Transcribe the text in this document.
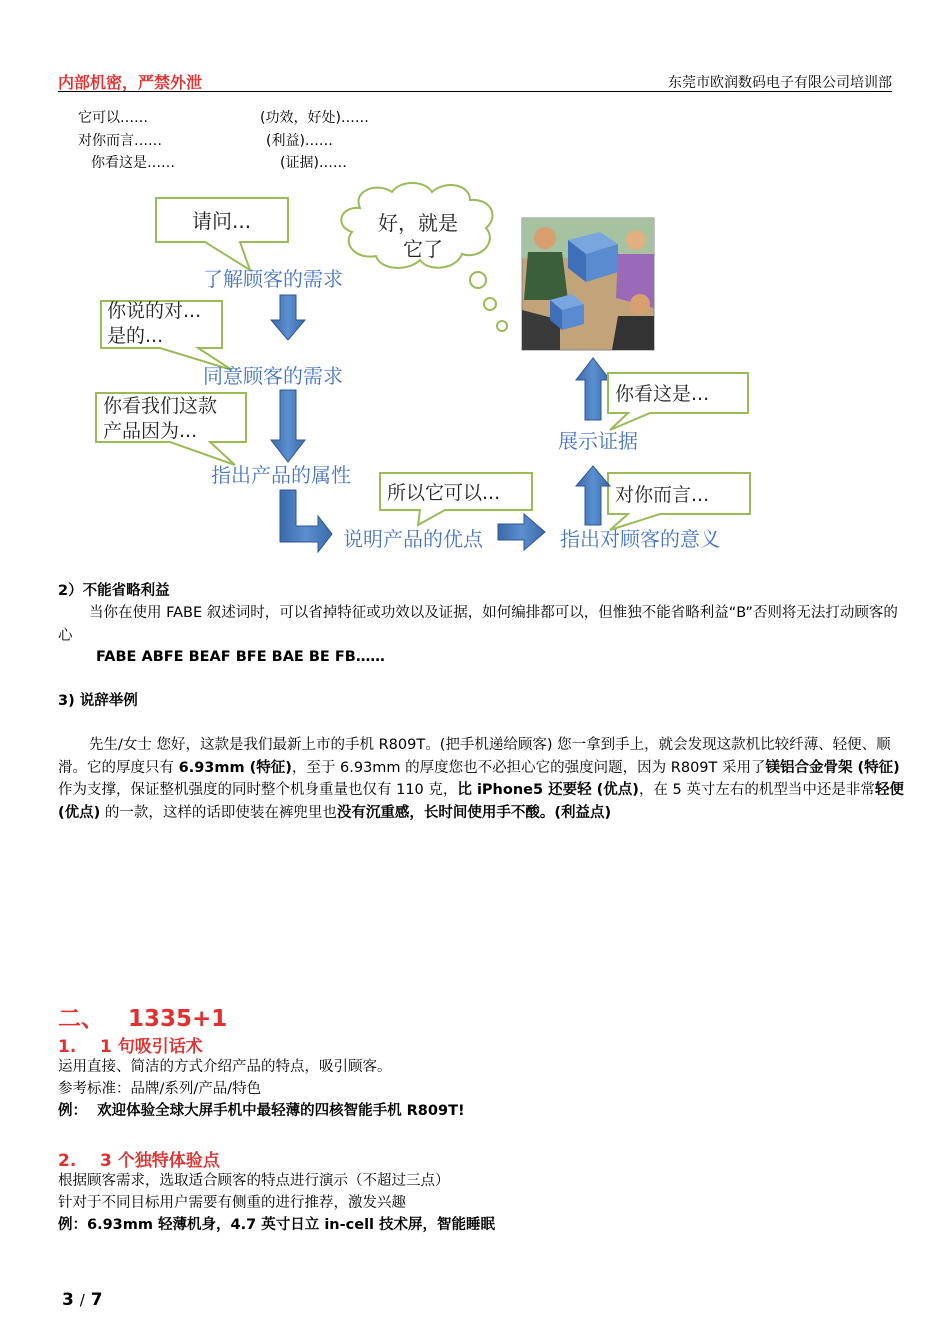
内部机密，严禁外泄	东莞市欧润数码电子有限公司培训部
它可以……	(功效，好处)……
对你而言……	(利益)……
你看这是……	(证据)……
请问...
了解顾客的需求
你说的对...
是的...
同意顾客的需求
你看我们这款
产品因为...
指出产品的属性
所以它可以...
说明产品的优点
对你而言...
指出对顾客的意义
展示证据
你看这是...
好，就是
它了
2）不能省略利益
当你在使用 FABE 叙述词时，可以省掉特征或功效以及证据，如何编排都可以，但惟独不能省略利益“B”否则将无法打动顾客的心
FABE ABFE BEAF BFE BAE BE FB……
3) 说辞举例
先生/女士 您好，这款是我们最新上市的手机 R809T。(把手机递给顾客) 您一拿到手上，就会发现这款机比较纤薄、轻便、顺滑。它的厚度只有 6.93mm (特征)，至于 6.93mm 的厚度您也不必担心它的强度问题，因为 R809T 采用了镁铝合金骨架 (特征) 作为支撑，保证整机强度的同时整个机身重量也仅有 110 克，比 iPhone5 还要轻 (优点)，在 5 英寸左右的机型当中还是非常轻便 (优点) 的一款，这样的话即使装在裤兜里也没有沉重感，长时间使用手不酸。(利益点)
二、   1335+1
1.    1 句吸引话术
运用直接、简洁的方式介绍产品的特点，吸引顾客。
参考标准：品牌/系列/产品/特色
例：  欢迎体验全球大屏手机中最轻薄的四核智能手机 R809T!
2.    3 个独特体验点
根据顾客需求，选取适合顾客的特点进行演示（不超过三点）
针对于不同目标用户需要有侧重的进行推荐，激发兴趣
例：6.93mm 轻薄机身，4.7 英寸日立 in-cell 技术屏，智能睡眠
3 / 7
